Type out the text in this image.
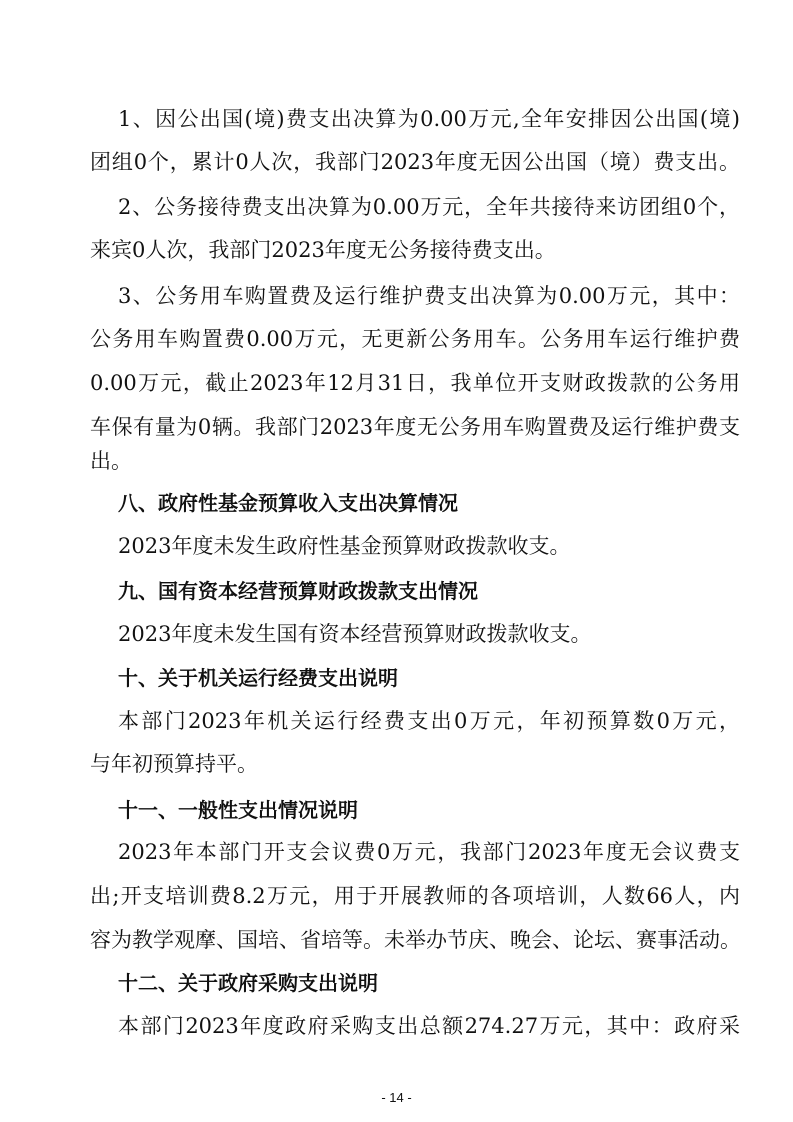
1、因公出国(境)费支出决算为0.00万元,全年安排因公出国(境)
团组0个，累计0人次，我部门2023年度无因公出国（境）费支出。
2、公务接待费支出决算为0.00万元，全年共接待来访团组0个，
来宾0人次，我部门2023年度无公务接待费支出。
3、公务用车购置费及运行维护费支出决算为0.00万元，其中：
公务用车购置费0.00万元，无更新公务用车。公务用车运行维护费
0.00万元，截止2023年12月31日，我单位开支财政拨款的公务用
车保有量为0辆。我部门2023年度无公务用车购置费及运行维护费支
出。
八、政府性基金预算收入支出决算情况
2023年度未发生政府性基金预算财政拨款收支。
九、国有资本经营预算财政拨款支出情况
2023年度未发生国有资本经营预算财政拨款收支。
十、关于机关运行经费支出说明
本部门2023年机关运行经费支出0万元，年初预算数0万元，
与年初预算持平。
十一、一般性支出情况说明
2023年本部门开支会议费0万元，我部门2023年度无会议费支
出;开支培训费8.2万元，用于开展教师的各项培训，人数66人，内
容为教学观摩、国培、省培等。未举办节庆、晚会、论坛、赛事活动。
十二、关于政府采购支出说明
本部门2023年度政府采购支出总额274.27万元，其中：政府采
- 14 -
